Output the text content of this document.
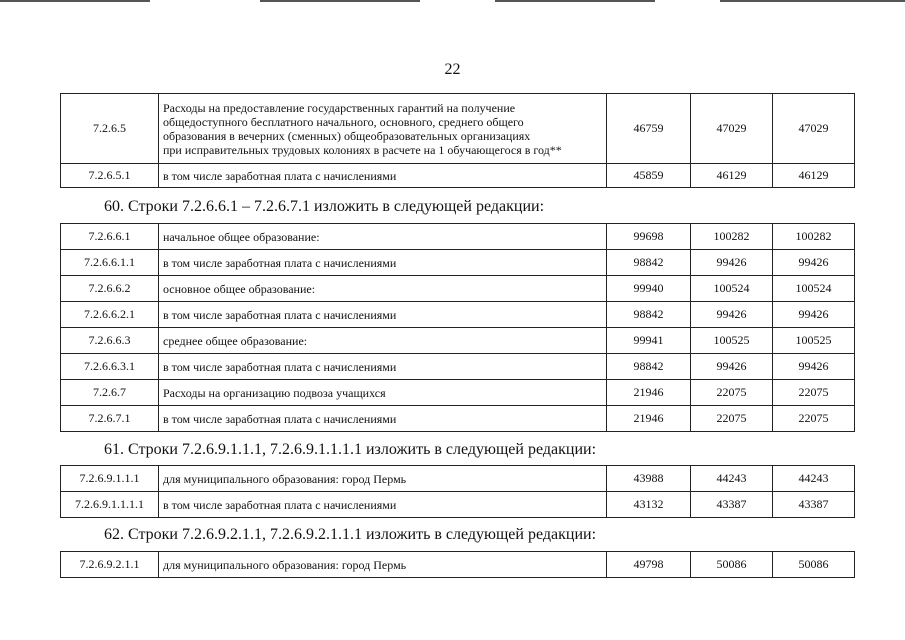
22
7.2.6.5	Расходы на предоставление государственных гарантий на получение
общедоступного бесплатного начального, основного, среднего общего
образования в вечерних (сменных) общеобразовательных организациях
при исправительных трудовых колониях в расчете на 1 обучающегося в год**	46759	47029	47029
7.2.6.5.1	в том числе заработная плата с начислениями	45859	46129	46129
60. Строки 7.2.6.6.1 – 7.2.6.7.1 изложить в следующей редакции:
7.2.6.6.1	начальное общее образование:	99698	100282	100282
7.2.6.6.1.1	в том числе заработная плата с начислениями	98842	99426	99426
7.2.6.6.2	основное общее образование:	99940	100524	100524
7.2.6.6.2.1	в том числе заработная плата с начислениями	98842	99426	99426
7.2.6.6.3	среднее общее образование:	99941	100525	100525
7.2.6.6.3.1	в том числе заработная плата с начислениями	98842	99426	99426
7.2.6.7	Расходы на организацию подвоза учащихся	21946	22075	22075
7.2.6.7.1	в том числе заработная плата с начислениями	21946	22075	22075
61. Строки 7.2.6.9.1.1.1, 7.2.6.9.1.1.1.1 изложить в следующей редакции:
7.2.6.9.1.1.1	для муниципального образования: город Пермь	43988	44243	44243
7.2.6.9.1.1.1.1	в том числе заработная плата с начислениями	43132	43387	43387
62. Строки 7.2.6.9.2.1.1, 7.2.6.9.2.1.1.1 изложить в следующей редакции:
7.2.6.9.2.1.1	для муниципального образования: город Пермь	49798	50086	50086
